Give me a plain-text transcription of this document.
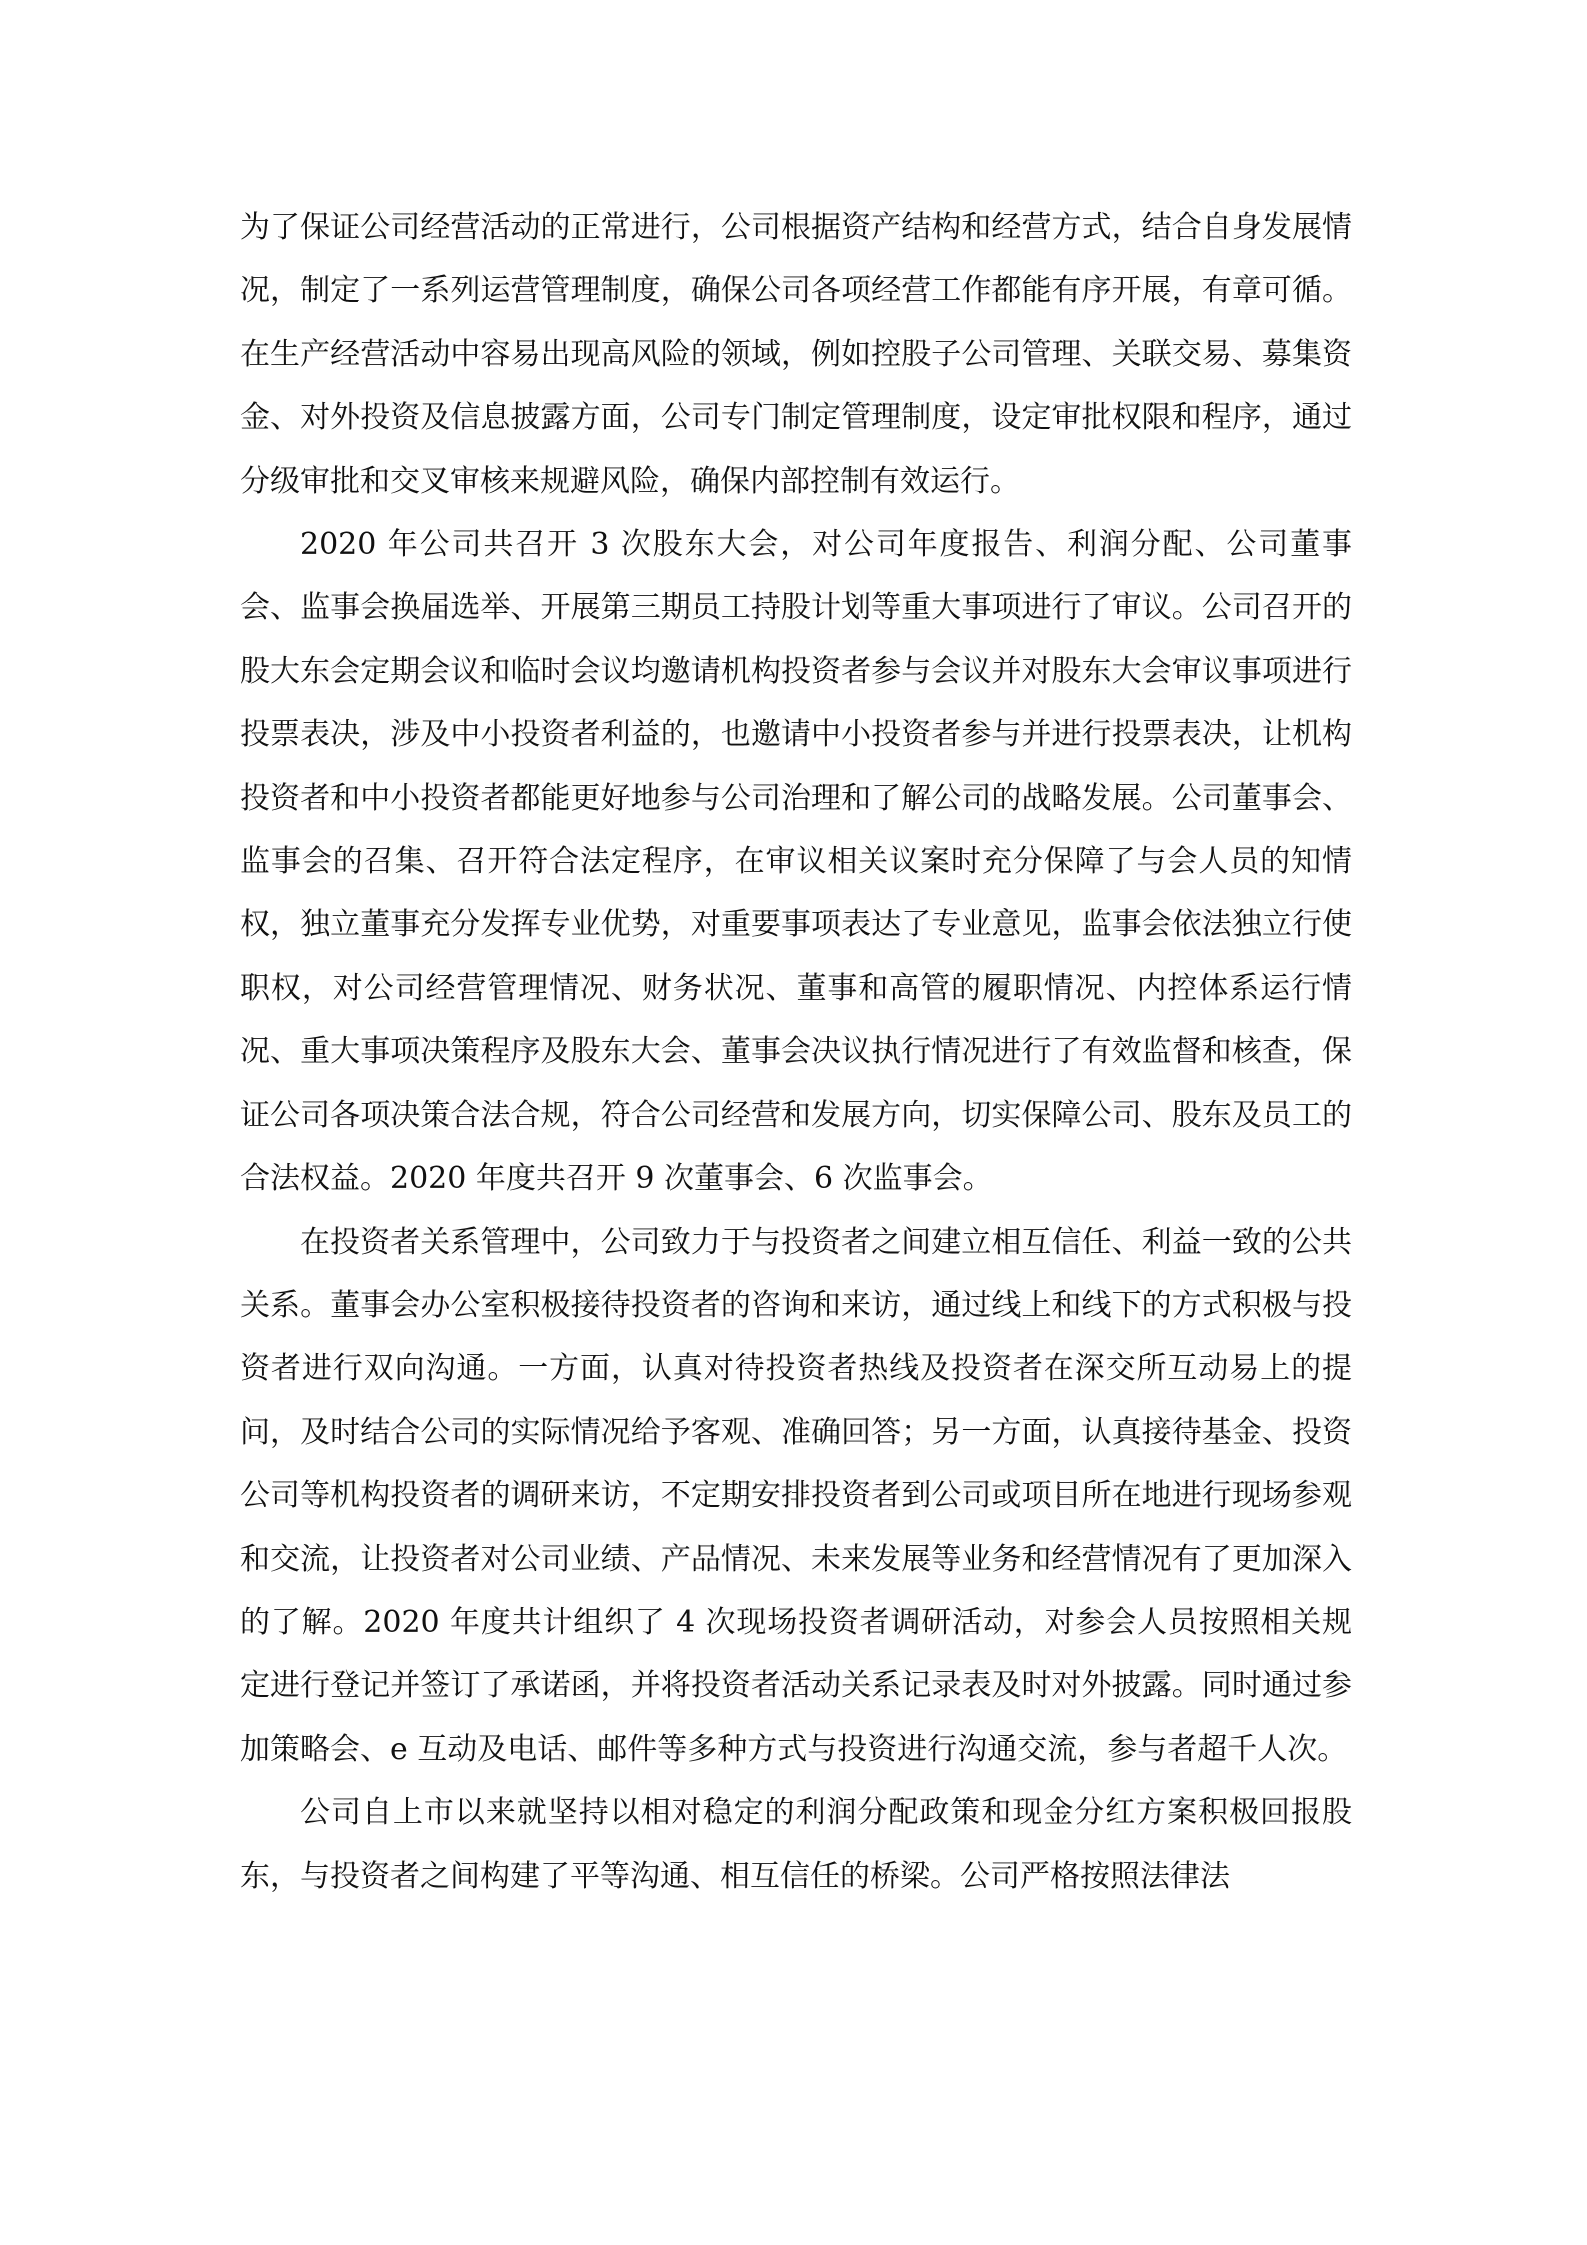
为了保证公司经营活动的正常进行，公司根据资产结构和经营方式，结合自身发展情况，制定了一系列运营管理制度，确保公司各项经营工作都能有序开展，有章可循。在生产经营活动中容易出现高风险的领域，例如控股子公司管理、关联交易、募集资金、对外投资及信息披露方面，公司专门制定管理制度，设定审批权限和程序，通过分级审批和交叉审核来规避风险，确保内部控制有效运行。

2020 年公司共召开 3 次股东大会，对公司年度报告、利润分配、公司董事会、监事会换届选举、开展第三期员工持股计划等重大事项进行了审议。公司召开的股大东会定期会议和临时会议均邀请机构投资者参与会议并对股东大会审议事项进行投票表决，涉及中小投资者利益的，也邀请中小投资者参与并进行投票表决，让机构投资者和中小投资者都能更好地参与公司治理和了解公司的战略发展。公司董事会、监事会的召集、召开符合法定程序，在审议相关议案时充分保障了与会人员的知情权，独立董事充分发挥专业优势，对重要事项表达了专业意见，监事会依法独立行使职权，对公司经营管理情况、财务状况、董事和高管的履职情况、内控体系运行情况、重大事项决策程序及股东大会、董事会决议执行情况进行了有效监督和核查，保证公司各项决策合法合规，符合公司经营和发展方向，切实保障公司、股东及员工的合法权益。2020 年度共召开 9 次董事会、6 次监事会。

在投资者关系管理中，公司致力于与投资者之间建立相互信任、利益一致的公共关系。董事会办公室积极接待投资者的咨询和来访，通过线上和线下的方式积极与投资者进行双向沟通。一方面，认真对待投资者热线及投资者在深交所互动易上的提问，及时结合公司的实际情况给予客观、准确回答；另一方面，认真接待基金、投资公司等机构投资者的调研来访，不定期安排投资者到公司或项目所在地进行现场参观和交流，让投资者对公司业绩、产品情况、未来发展等业务和经营情况有了更加深入的了解。2020 年度共计组织了 4 次现场投资者调研活动，对参会人员按照相关规定进行登记并签订了承诺函，并将投资者活动关系记录表及时对外披露。同时通过参加策略会、e 互动及电话、邮件等多种方式与投资进行沟通交流，参与者超千人次。

公司自上市以来就坚持以相对稳定的利润分配政策和现金分红方案积极回报股东，与投资者之间构建了平等沟通、相互信任的桥梁。公司严格按照法律法
